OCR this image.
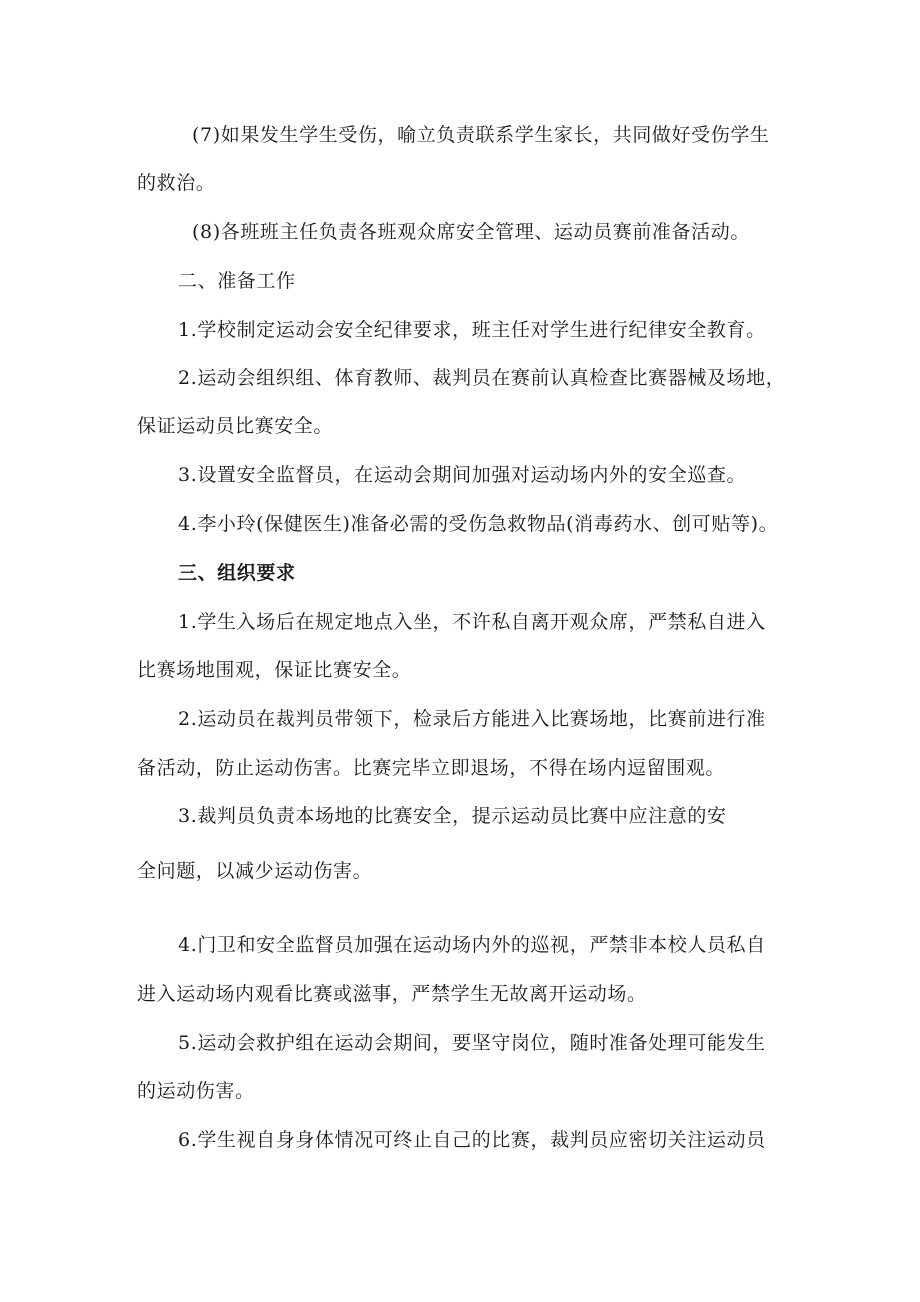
(7)如果发生学生受伤，喻立负责联系学生家长，共同做好受伤学生
的救治。
(8)各班班主任负责各班观众席安全管理、运动员赛前准备活动。
二、准备工作
1.学校制定运动会安全纪律要求，班主任对学生进行纪律安全教育。
2.运动会组织组、体育教师、裁判员在赛前认真检查比赛器械及场地，
保证运动员比赛安全。
3.设置安全监督员，在运动会期间加强对运动场内外的安全巡查。
4.李小玲(保健医生)准备必需的受伤急救物品(消毒药水、创可贴等)。
三、组织要求
1.学生入场后在规定地点入坐，不许私自离开观众席，严禁私自进入
比赛场地围观，保证比赛安全。
2.运动员在裁判员带领下，检录后方能进入比赛场地，比赛前进行准
备活动，防止运动伤害。比赛完毕立即退场，不得在场内逗留围观。
3.裁判员负责本场地的比赛安全，提示运动员比赛中应注意的安
全问题，以减少运动伤害。
4.门卫和安全监督员加强在运动场内外的巡视，严禁非本校人员私自
进入运动场内观看比赛或滋事，严禁学生无故离开运动场。
5.运动会救护组在运动会期间，要坚守岗位，随时准备处理可能发生
的运动伤害。
6.学生视自身身体情况可终止自己的比赛，裁判员应密切关注运动员
